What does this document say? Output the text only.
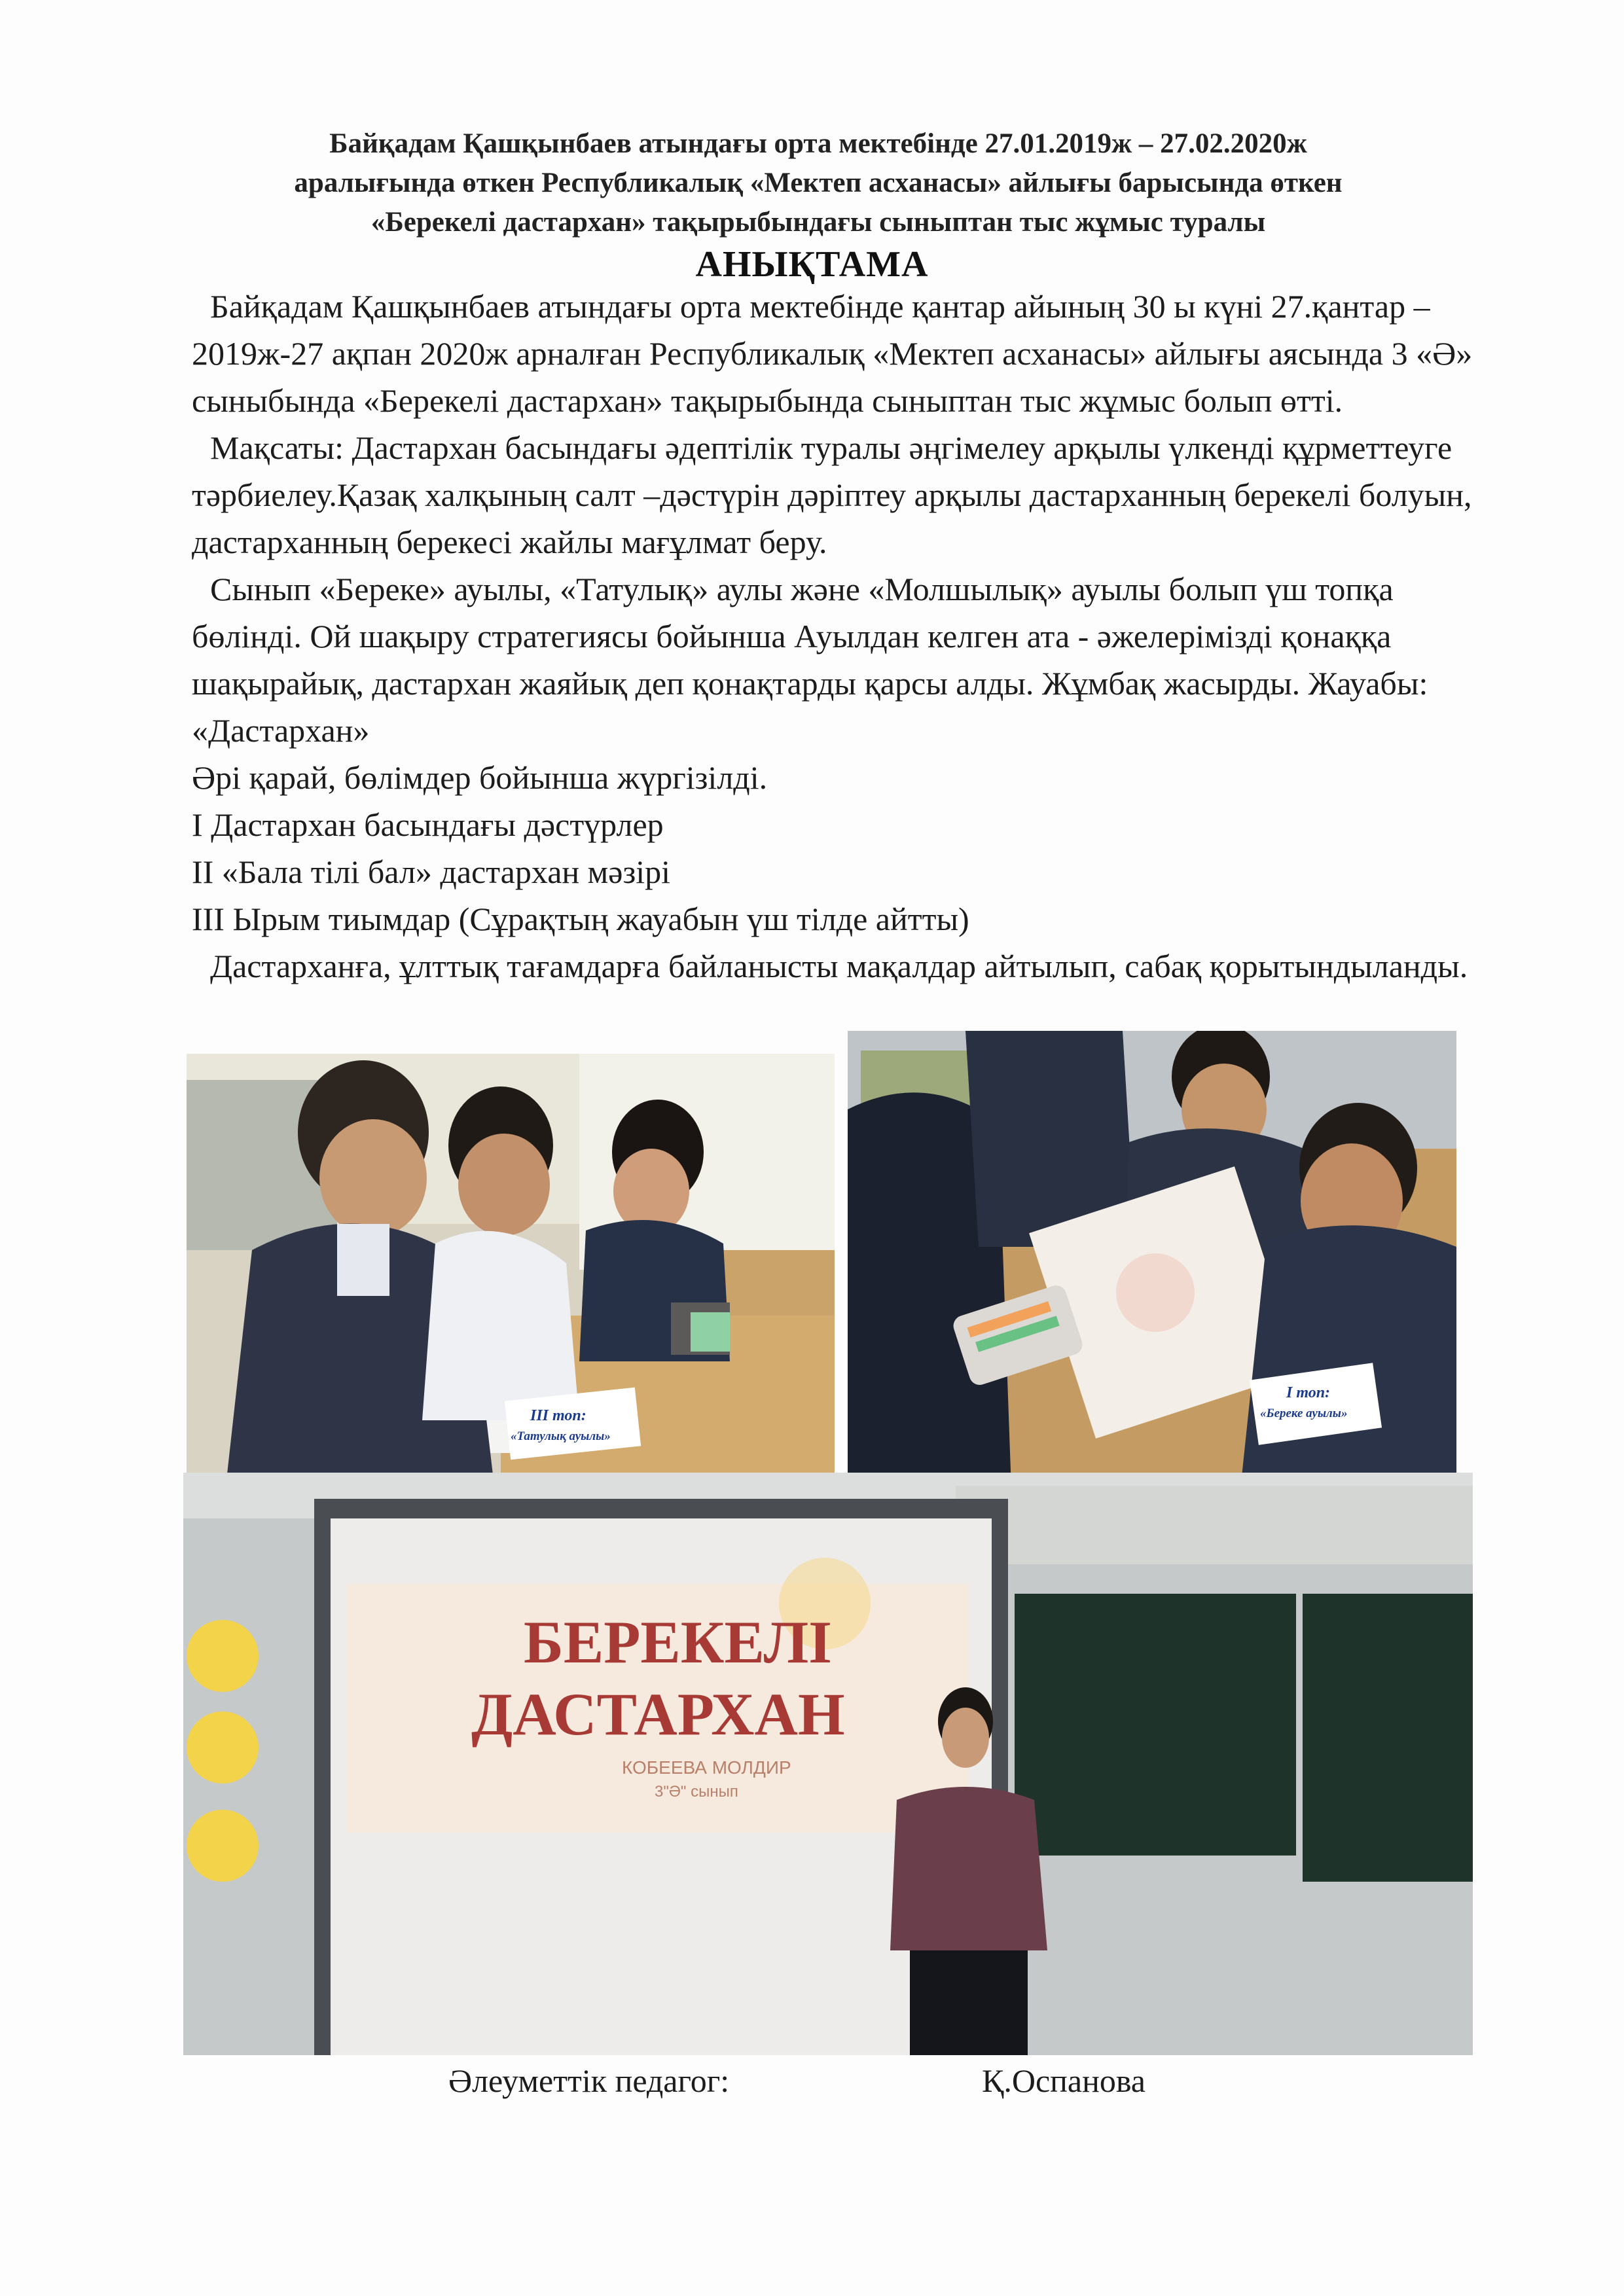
Байқадам Қашқынбаев атындағы орта мектебінде 27.01.2019ж – 27.02.2020ж
аралығында өткен Республикалық «Мектеп асханасы» айлығы барысында өткен
«Берекелі дастархан» тақырыбындағы сыныптан тыс жұмыс туралы
АНЫҚТАМА

Байқадам Қашқынбаев атындағы орта мектебінде қантар айының 30 ы күні 27.қантар –2019ж-27 ақпан 2020ж арналған Республикалық «Мектеп асханасы» айлығы аясында 3 «Ә» сыныбында «Берекелі дастархан» тақырыбында сыныптан тыс жұмыс болып өтті.

Мақсаты: Дастархан басындағы әдептілік туралы әңгімелеу арқылы үлкенді құрметтеуге тәрбиелеу.Қазақ халқының салт –дәстүрін дәріптеу арқылы дастарханның берекелі болуын, дастарханның берекесі жайлы мағұлмат беру.

Сынып «Береке» ауылы, «Татулық» аулы және «Молшылық» ауылы болып үш топқа бөлінді. Ой шақыру стратегиясы бойынша Ауылдан келген ата - әжелерімізді қонаққа шақырайық, дастархан жаяйық деп қонақтарды қарсы алды. Жұмбақ жасырды. Жауабы: «Дастархан»

Әрі қарай, бөлімдер бойынша жүргізілді.

І Дастархан басындағы дәстүрлер

ІІ «Бала тілі бал» дастархан мәзірі

ІІІ Ырым тиымдар (Сұрақтың жауабын үш тілде айтты)

Дастарханға, ұлттық тағамдарға байланысты мақалдар айтылып, сабақ қорытындыланды.

III топ:
«Татулық ауылы»
I топ:
«Береке ауылы»
БЕРЕКЕЛІ
ДАСТАРХАН
КОБЕЕВА МОЛДИР
3"Ә" сынып
Әлеуметтік педагог:	Қ.Оспанова
